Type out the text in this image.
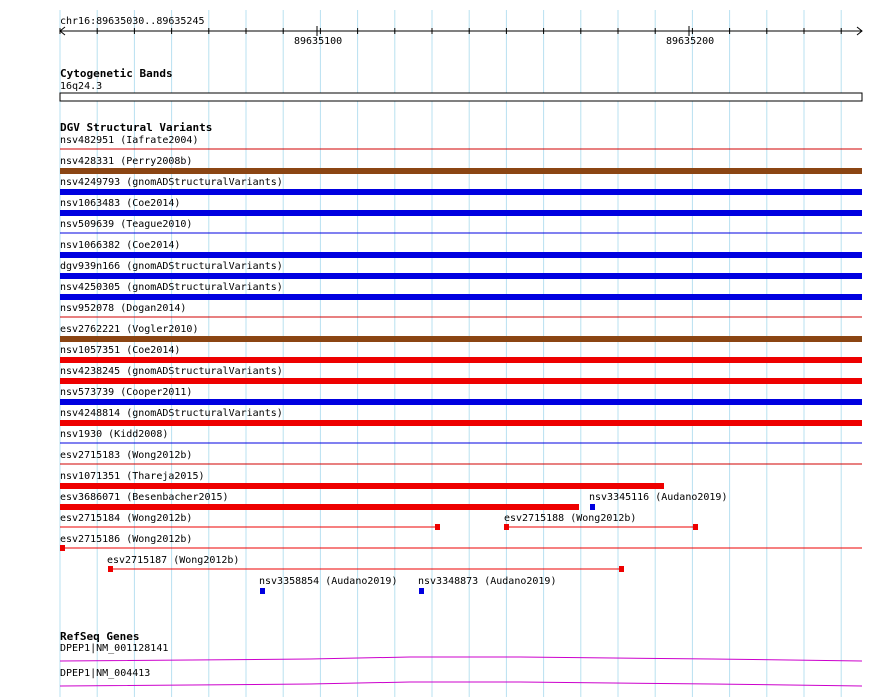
chr16:89635030..89635245
89635100	89635200
Cytogenetic Bands
16q24.3
DGV Structural Variants
nsv482951 (Iafrate2004)
nsv428331 (Perry2008b)
nsv4249793 (gnomADStructuralVariants)
nsv1063483 (Coe2014)
nsv509639 (Teague2010)
nsv1066382 (Coe2014)
dgv939n166 (gnomADStructuralVariants)
nsv4250305 (gnomADStructuralVariants)
nsv952078 (Dogan2014)
esv2762221 (Vogler2010)
nsv1057351 (Coe2014)
nsv4238245 (gnomADStructuralVariants)
nsv573739 (Cooper2011)
nsv4248814 (gnomADStructuralVariants)
nsv1930 (Kidd2008)
esv2715183 (Wong2012b)
nsv1071351 (Thareja2015)
esv3686071 (Besenbacher2015)	nsv3345116 (Audano2019)
esv2715184 (Wong2012b)	esv2715188 (Wong2012b)
esv2715186 (Wong2012b)
esv2715187 (Wong2012b)
nsv3358854 (Audano2019) nsv3348873 (Audano2019)
RefSeq Genes
DPEP1|NM_001128141
DPEP1|NM_004413
